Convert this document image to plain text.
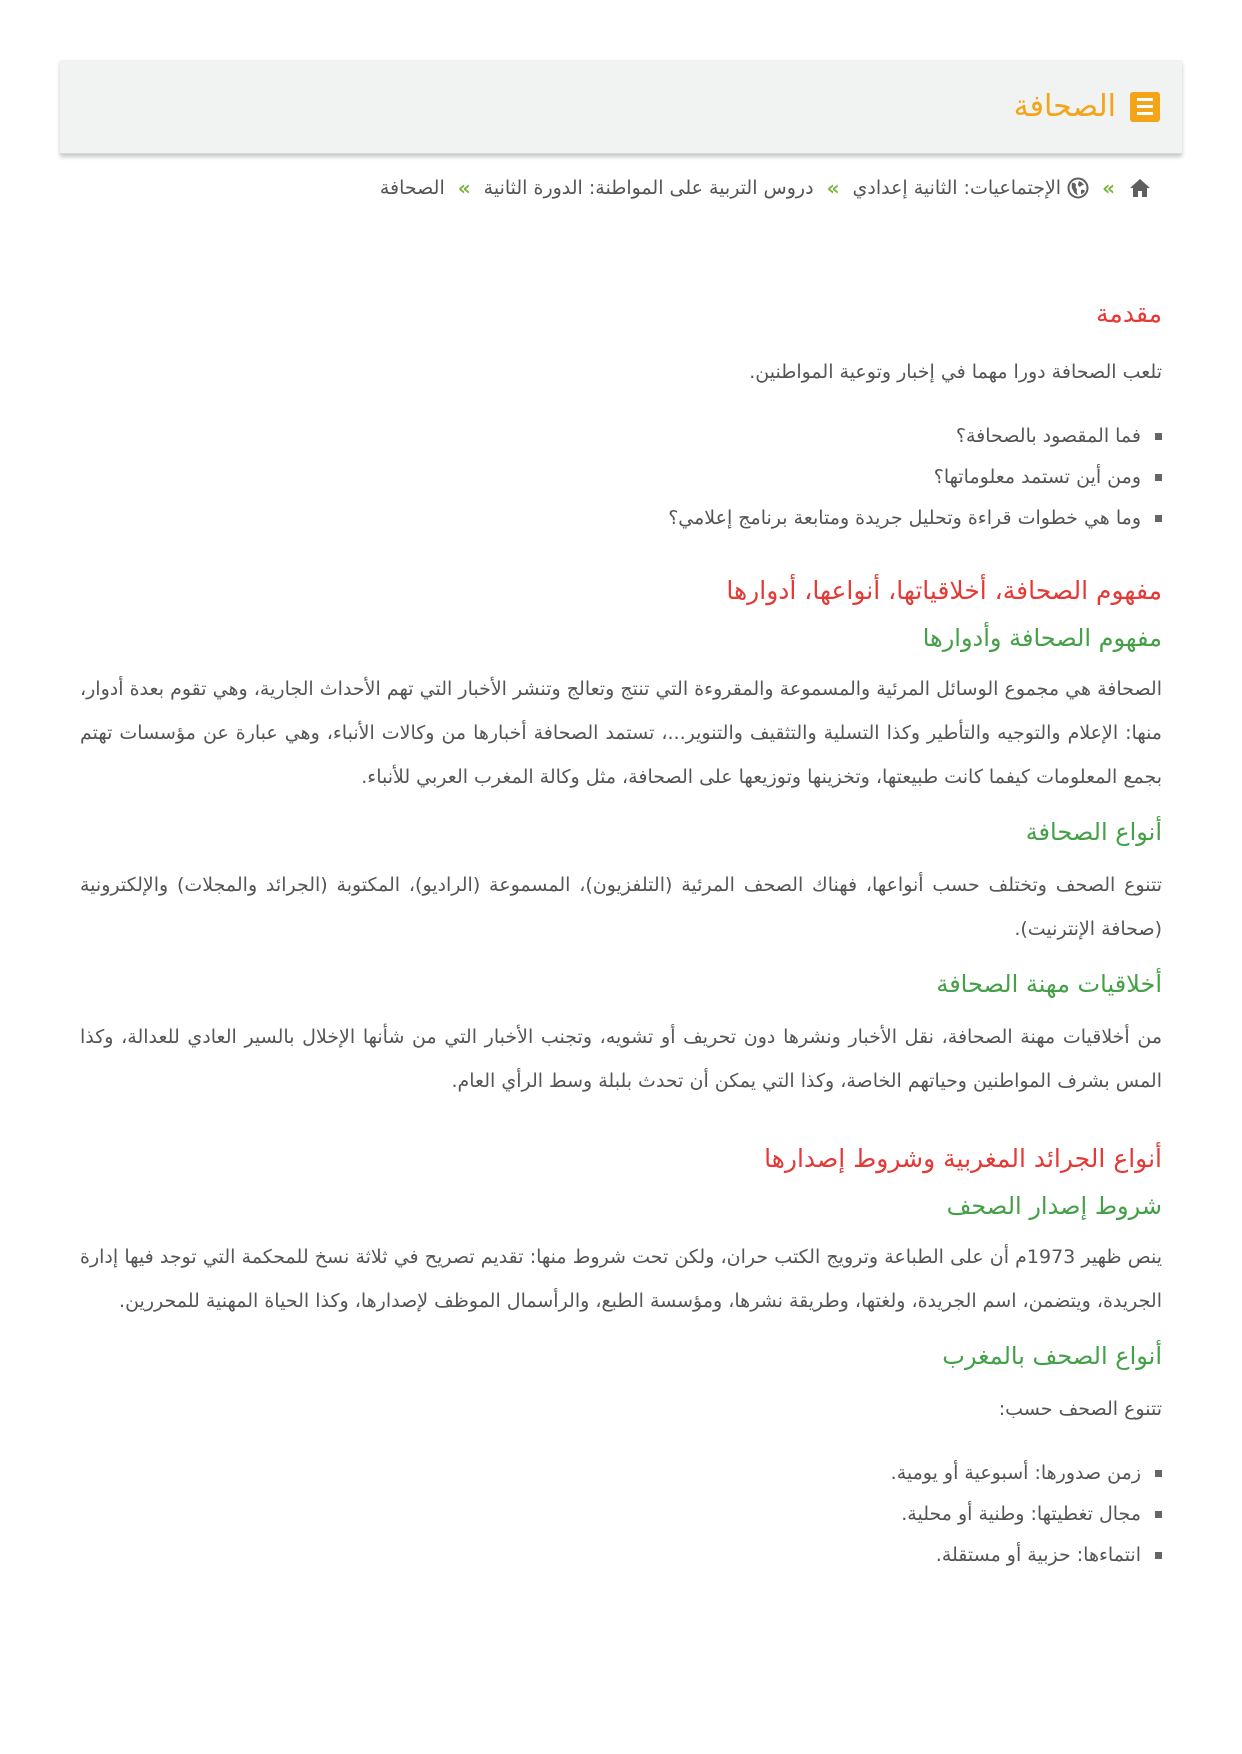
الصحافة
»
الإجتماعيات: الثانية إعدادي
»
دروس التربية على المواطنة: الدورة الثانية
»
الصحافة
مقدمة

تلعب الصحافة دورا مهما في إخبار وتوعية المواطنين.

فما المقصود بالصحافة؟
ومن أين تستمد معلوماتها؟
وما هي خطوات قراءة وتحليل جريدة ومتابعة برنامج إعلامي؟
مفهوم الصحافة، أخلاقياتها، أنواعها، أدوارها
مفهوم الصحافة وأدوارها

الصحافة هي مجموع الوسائل المرئية والمسموعة والمقروءة التي تنتج وتعالج وتنشر الأخبار التي تهم الأحداث الجارية، وهي تقوم بعدة أدوار، منها: الإعلام والتوجيه والتأطير وكذا التسلية والتثقيف والتنوير...، تستمد الصحافة أخبارها من وكالات الأنباء، وهي عبارة عن مؤسسات تهتم بجمع المعلومات كيفما كانت طبيعتها، وتخزينها وتوزيعها على الصحافة، مثل وكالة المغرب العربي للأنباء.

أنواع الصحافة

تتنوع الصحف وتختلف حسب أنواعها، فهناك الصحف المرئية (التلفزيون)، المسموعة (الراديو)، المكتوبة (الجرائد والمجلات) والإلكترونية (صحافة الإنترنيت).

أخلاقيات مهنة الصحافة

من أخلاقيات مهنة الصحافة، نقل الأخبار ونشرها دون تحريف أو تشويه، وتجنب الأخبار التي من شأنها الإخلال بالسير العادي للعدالة، وكذا المس بشرف المواطنين وحياتهم الخاصة، وكذا التي يمكن أن تحدث بلبلة وسط الرأي العام.

أنواع الجرائد المغربية وشروط إصدارها
شروط إصدار الصحف

ينص ظهير 1973م أن على الطباعة وترويج الكتب حران، ولكن تحت شروط منها: تقديم تصريح في ثلاثة نسخ للمحكمة التي توجد فيها إدارة الجريدة، ويتضمن، اسم الجريدة، ولغتها، وطريقة نشرها، ومؤسسة الطبع، والرأسمال الموظف لإصدارها، وكذا الحياة المهنية للمحررين.

أنواع الصحف بالمغرب

تتنوع الصحف حسب:

زمن صدورها: أسبوعية أو يومية.
مجال تغطيتها: وطنية أو محلية.
انتماءها: حزبية أو مستقلة.
